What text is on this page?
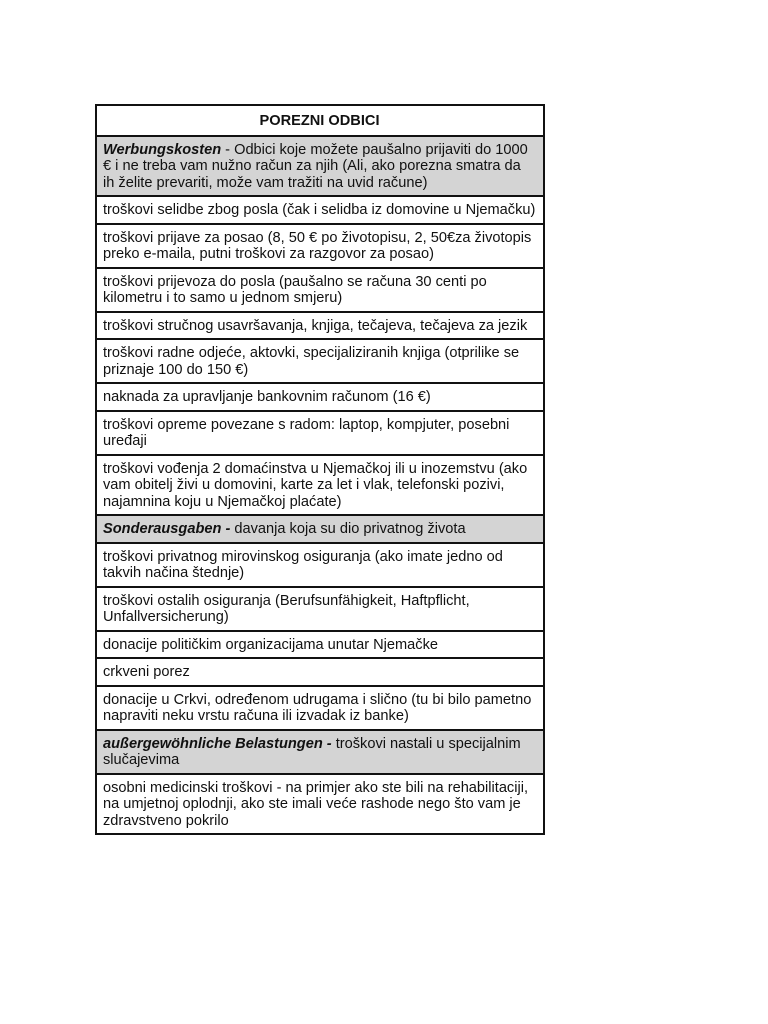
POREZNI ODBICI
Werbungskosten - Odbici koje možete paušalno prijaviti do 1000 € i ne treba vam nužno račun za njih (Ali, ako porezna smatra da ih želite prevariti, može vam tražiti na uvid račune)
troškovi selidbe zbog posla (čak i selidba iz domovine u Njemačku)
troškovi prijave za posao (8, 50 € po životopisu, 2, 50€za životopis preko e-maila, putni troškovi za razgovor za posao)
troškovi prijevoza do posla (paušalno se računa 30 centi po kilometru i to samo u jednom smjeru)
troškovi stručnog usavršavanja, knjiga, tečajeva, tečajeva za jezik
troškovi radne odjeće, aktovki, specijaliziranih knjiga (otprilike se priznaje 100 do 150 €)
naknada za upravljanje bankovnim računom (16 €)
troškovi opreme povezane s radom: laptop, kompjuter, posebni uređaji
troškovi vođenja 2 domaćinstva u Njemačkoj ili u inozemstvu (ako vam obitelj živi u domovini, karte za let i vlak, telefonski pozivi, najamnina koju u Njemačkoj plaćate)
Sonderausgaben - davanja koja su dio privatnog života
troškovi privatnog mirovinskog osiguranja (ako imate jedno od takvih načina štednje)
troškovi ostalih osiguranja (Berufsunfähigkeit, Haftpflicht, Unfallversicherung)
donacije političkim organizacijama unutar Njemačke
crkveni porez
donacije u Crkvi, određenom udrugama i slično (tu bi bilo pametno napraviti neku vrstu računa ili izvadak iz banke)
außergewöhnliche Belastungen - troškovi nastali u specijalnim slučajevima
osobni medicinski troškovi - na primjer ako ste bili na rehabilitaciji, na umjetnoj oplodnji, ako ste imali veće rashode nego što vam je zdravstveno pokrilo
